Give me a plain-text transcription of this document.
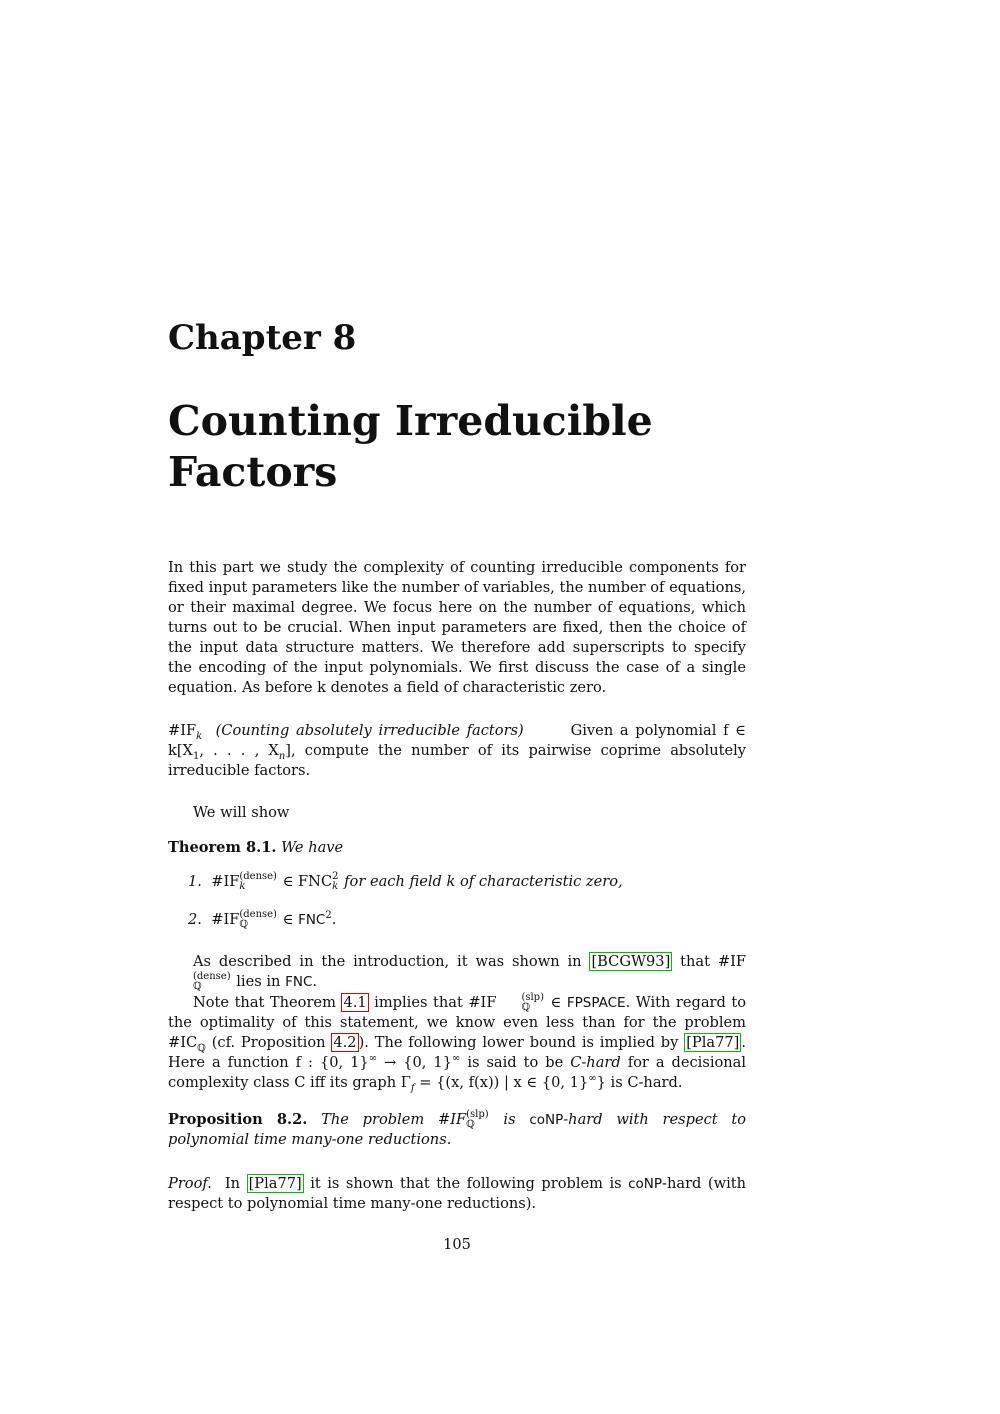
Chapter 8
Counting Irreducible Factors
In this part we study the complexity of counting irreducible components for fixed input parameters like the number of variables, the number of equations, or their maximal degree. We focus here on the number of equations, which turns out to be crucial. When input parameters are fixed, then the choice of the input data structure matters. We therefore add superscripts to specify the encoding of the input polynomials. We first discuss the case of a single equation. As before k denotes a field of characteristic zero.
$\#IF_k$ (Counting absolutely irreducible factors)	Given a polynomial f ∈ $k[X_1$, . . . , $X_n$], compute the number of its pairwise coprime absolutely irreducible factors.
We will show
Theorem 8.1. We have
1.  #IF (dense)
k	∈ FNC 2
k for each field k of characteristic zero,
2.  #IF (dense)
ℚ	∈ FNC$^2$.
As described in the introduction, it was shown in [BCGW93] that #IF
(dense)
ℚ	lies in FNC.
Note that Theorem 4.1 implies that #IF	(slp)
ℚ	∈ FPSPACE. With regard to the optimality of this statement, we know even less than for the problem $\#IC_ℚ$ (cf. Proposition 4.2 ). The following lower bound is implied by [Pla77] . Here a function f : {0, 1}∞ → {0, 1}∞ is said to be C-hard for a decisional complexity class C iff its graph $\Gamma_f = \{(x$, f(x)) | x ∈ {0, 1}∞} is C-hard.
Proposition 8.2. The problem #IF (slp)
ℚ	is coNP-hard with respect to polynomial time many-one reductions.
Proof. In [Pla77] it is shown that the following problem is coNP-hard (with respect to polynomial time many-one reductions).
105
